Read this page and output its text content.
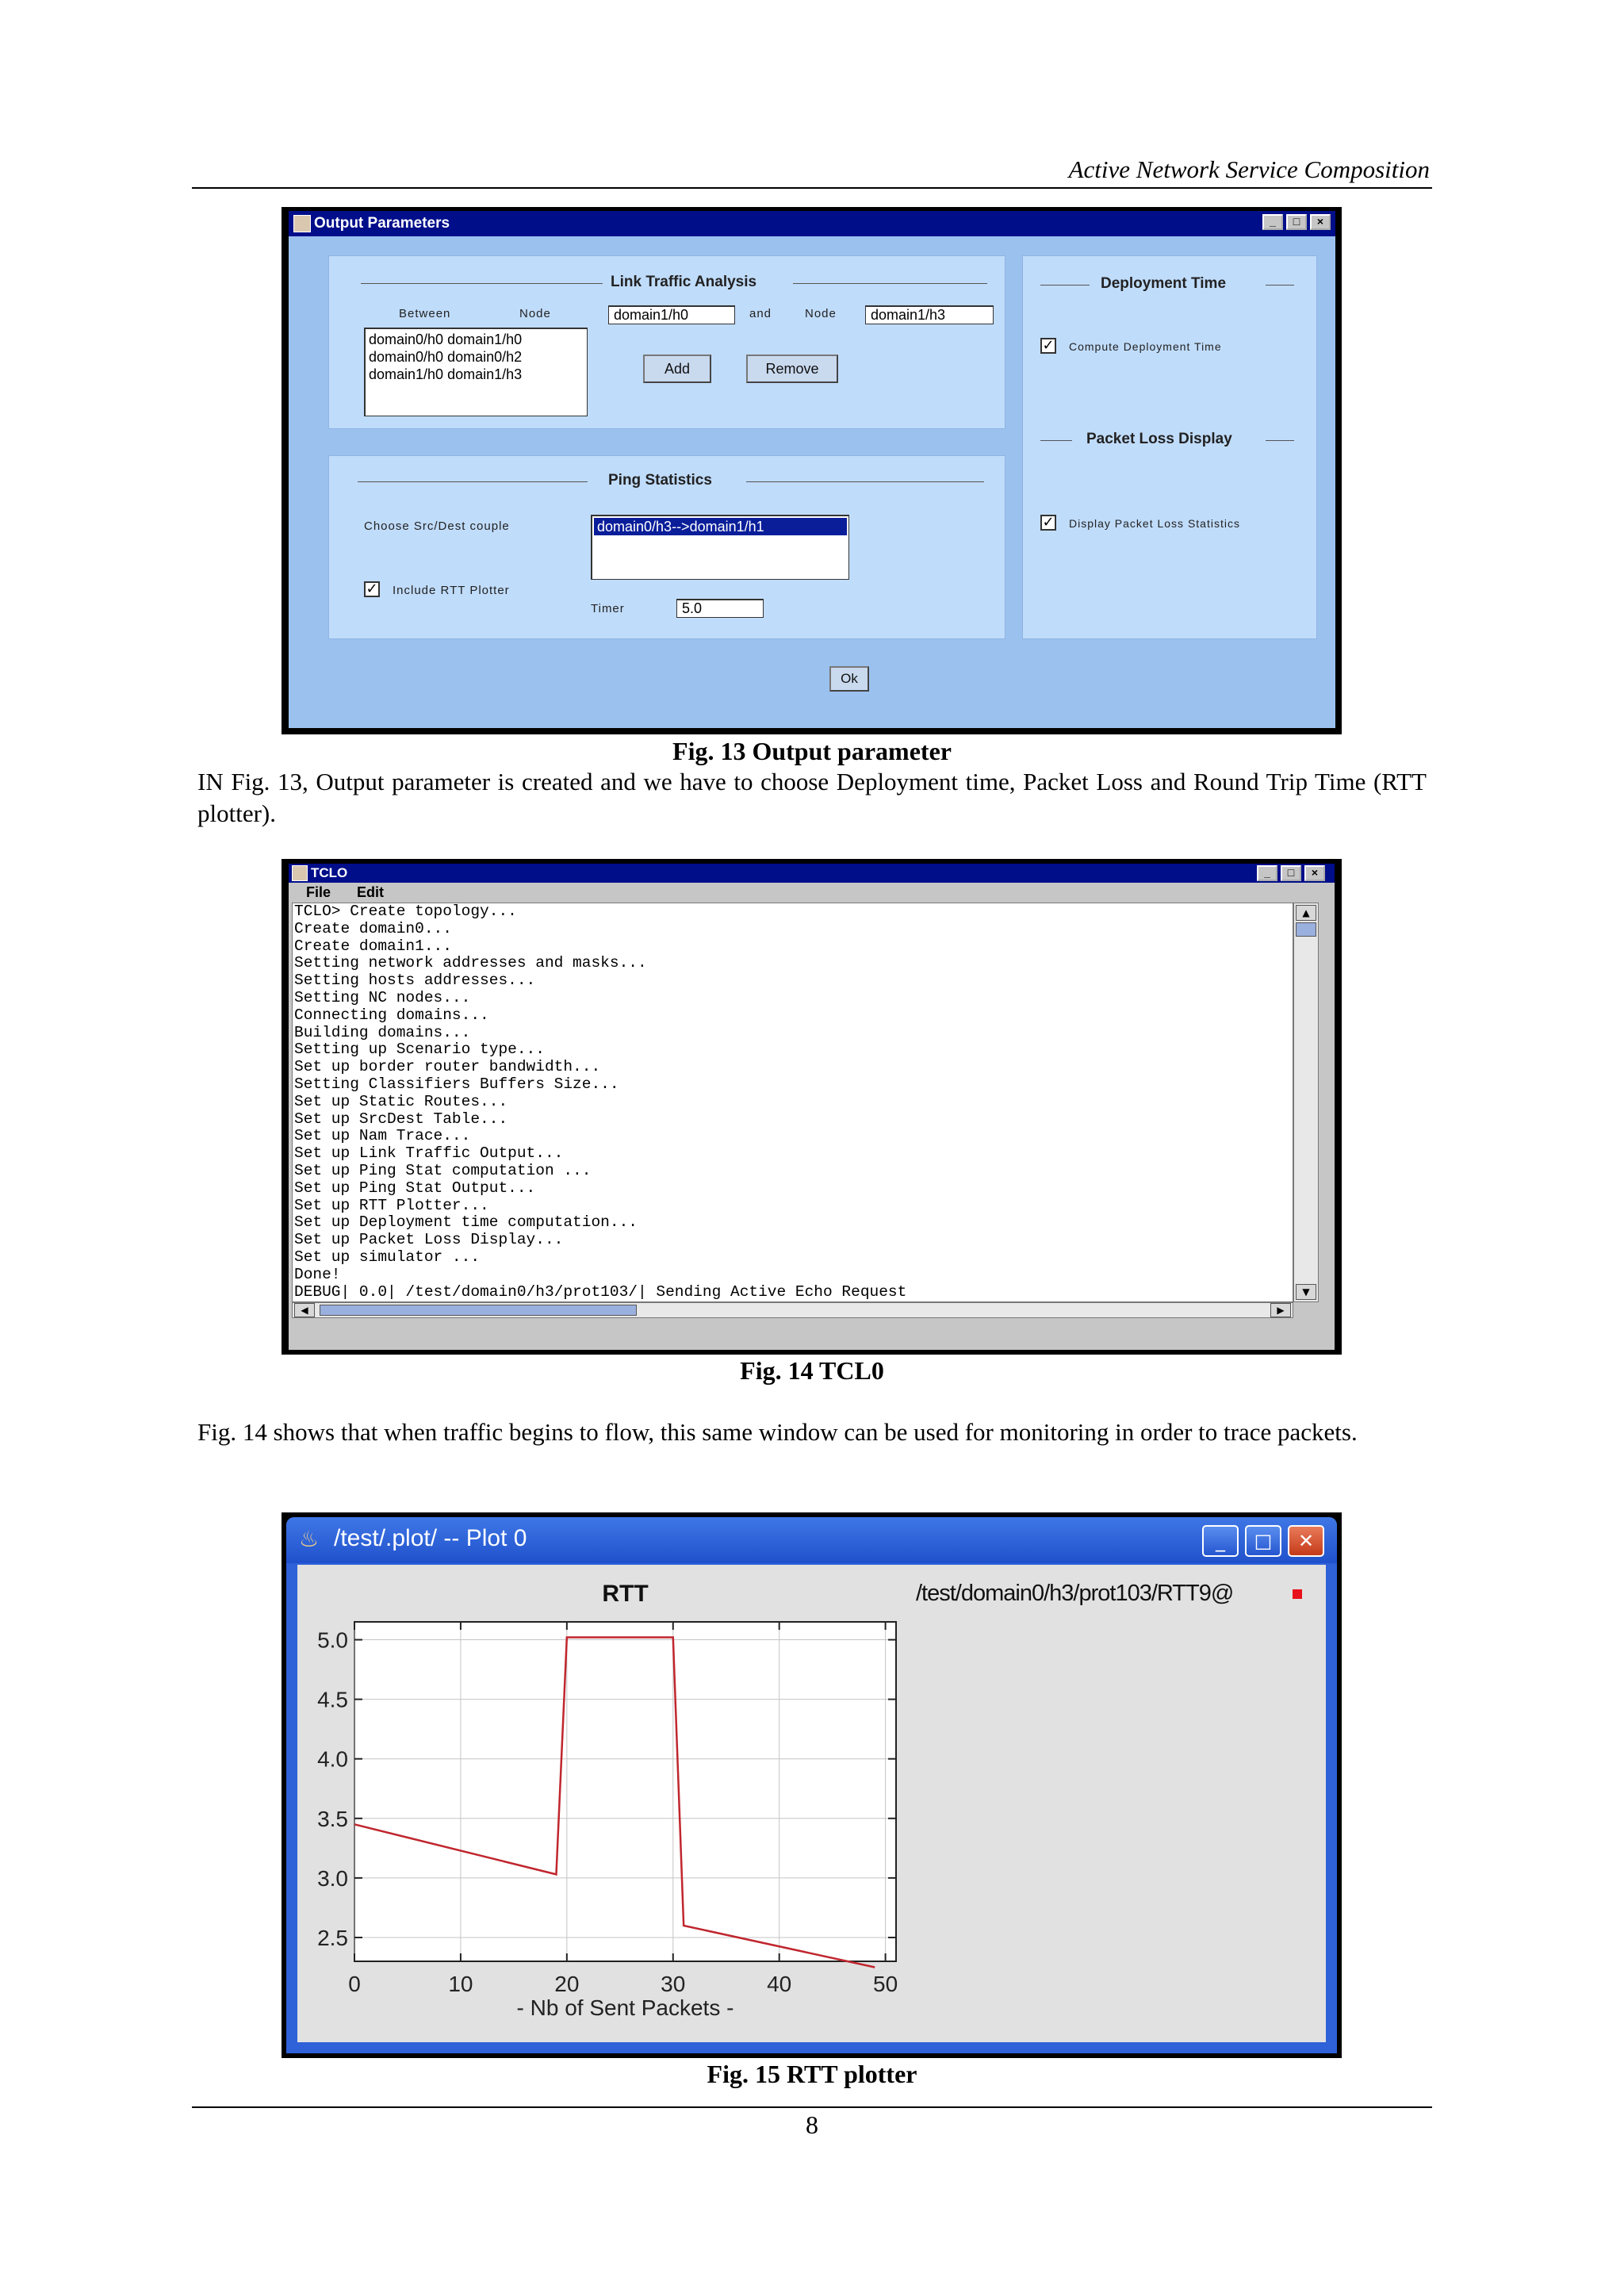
Active Network Service Composition
Output Parameters	_	□	×
Link Traffic Analysis
Between	Node	domain1/h0	and	Node	domain1/h3
domain0/h0 domain1/h0
domain0/h0 domain0/h2
domain1/h0 domain1/h3	Add	Remove
Ping Statistics
Choose Src/Dest couple	domain0/h3-->domain1/h1
✓ Include RTT Plotter
Timer	5.0
Deployment Time
✓ Compute Deployment Time
Packet Loss Display
✓ Display Packet Loss Statistics
Ok
Fig. 13 Output parameter
IN Fig. 13, Output parameter is created and we have to choose Deployment time, Packet Loss and Round Trip Time (RTT plotter).
TCLO	_	□	×
File Edit
TCLO> Create topology...
Create domain0...
Create domain1...
Setting network addresses and masks...
Setting hosts addresses...
Setting NC nodes...
Connecting domains...
Building domains...
Setting up Scenario type...
Set up border router bandwidth...
Setting Classifiers Buffers Size...
Set up Static Routes...
Set up SrcDest Table...
Set up Nam Trace...
Set up Link Traffic Output...
Set up Ping Stat computation ...
Set up Ping Stat Output...
Set up RTT Plotter...
Set up Deployment time computation...
Set up Packet Loss Display...
Set up simulator ...
Done!
DEBUG| 0.0| /test/domain0/h3/prot103/| Sending Active Echo Request
▲
▼
◀	▶
Fig. 14 TCL0
Fig. 14 shows that when traffic begins to flow, this same window can be used for monitoring in order to trace packets.
♨ /test/.plot/ -- Plot 0	_	□	✕
0	10	20	30	40	50
2.5
3.0
3.5
4.0
4.5
5.0
RTT
- Nb of Sent Packets -
/test/domain0/h3/prot103/RTT9@
Fig. 15 RTT plotter
8
